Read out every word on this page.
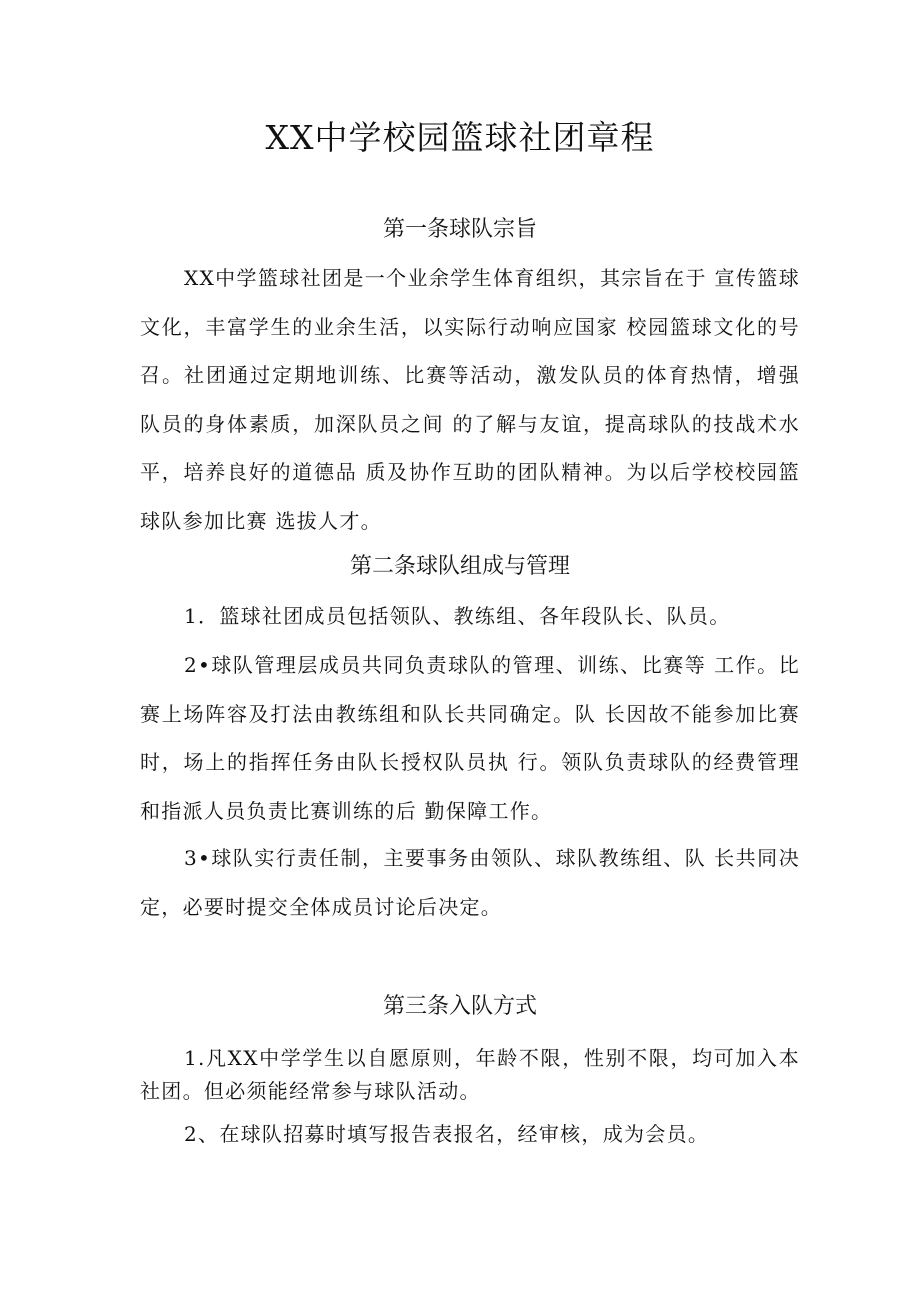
XX中学校园篮球社团章程
第一条球队宗旨

XX中学篮球社团是一个业余学生体育组织，其宗旨在于 宣传篮球文化，丰富学生的业余生活，以实际行动响应国家 校园篮球文化的号召。社团通过定期地训练、比赛等活动，激发队员的体育热情，增强队员的身体素质，加深队员之间 的了解与友谊，提高球队的技战术水平，培养良好的道德品 质及协作互助的团队精神。为以后学校校园篮球队参加比赛 选拔人才。

第二条球队组成与管理

1．篮球社团成员包括领队、教练组、各年段队长、队员。

2•球队管理层成员共同负责球队的管理、训练、比赛等 工作。比赛上场阵容及打法由教练组和队长共同确定。队 长因故不能参加比赛时，场上的指挥任务由队长授权队员执 行。领队负责球队的经费管理和指派人员负责比赛训练的后 勤保障工作。

3•球队实行责任制，主要事务由领队、球队教练组、队 长共同决定，必要时提交全体成员讨论后决定。

第三条入队方式

1.凡XX中学学生以自愿原则，年龄不限，性别不限，均可加入本社团。但必须能经常参与球队活动。

2、在球队招募时填写报告表报名，经审核，成为会员。
